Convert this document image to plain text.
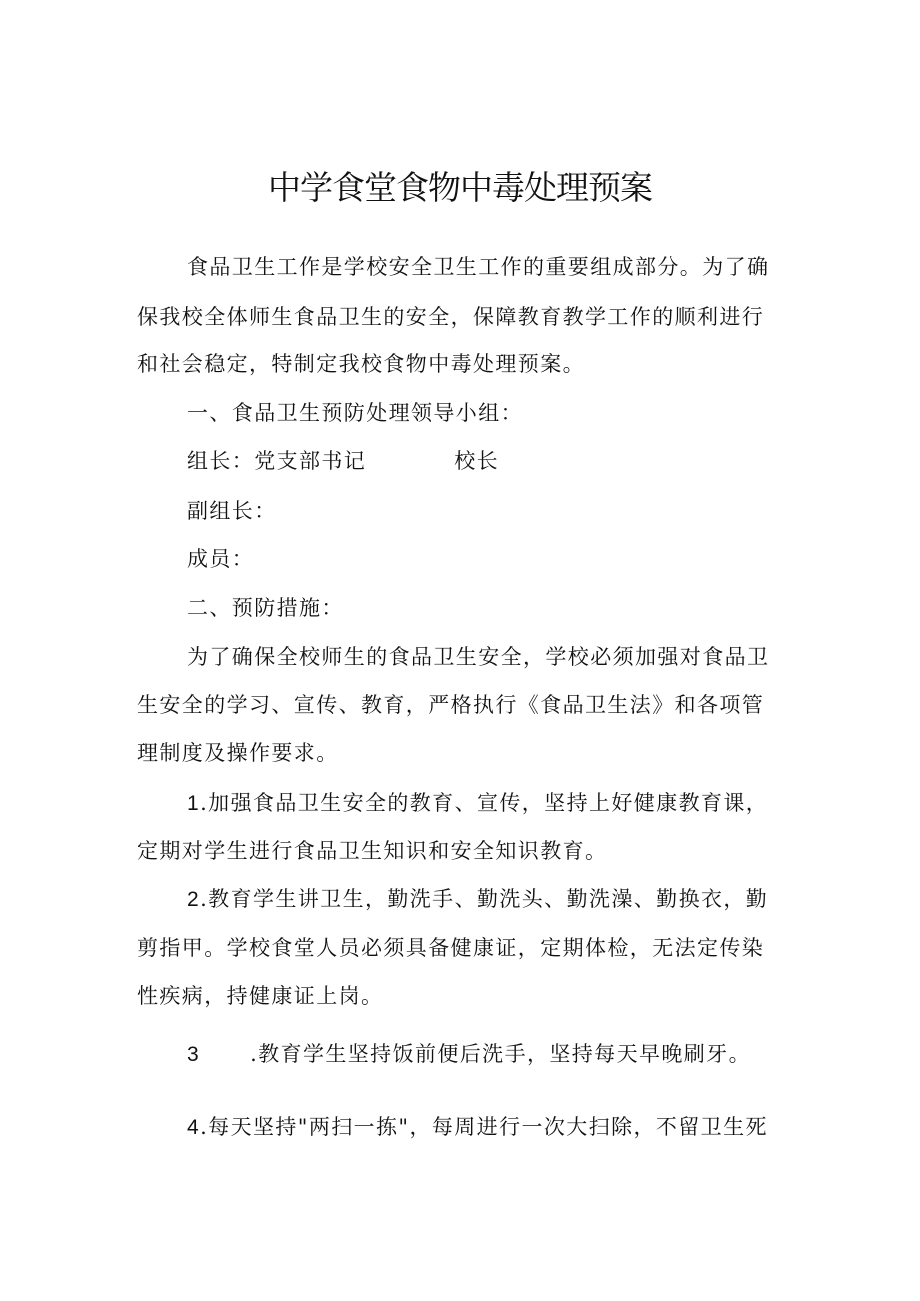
中学食堂食物中毒处理预案
食品卫生工作是学校安全卫生工作的重要组成部分。为了确
保我校全体师生食品卫生的安全，保障教育教学工作的顺利进行
和社会稳定，特制定我校食物中毒处理预案。
一、食品卫生预防处理领导小组：
组长：党支部书记	校长
副组长：
成员：
二、预防措施：
为了确保全校师生的食品卫生安全，学校必须加强对食品卫
生安全的学习、宣传、教育，严格执行《食品卫生法》和各项管
理制度及操作要求。
1.加强食品卫生安全的教育、宣传，坚持上好健康教育课，
定期对学生进行食品卫生知识和安全知识教育。
2.教育学生讲卫生，勤洗手、勤洗头、勤洗澡、勤换衣，勤
剪指甲。学校食堂人员必须具备健康证，定期体检，无法定传染
性疾病，持健康证上岗。
3 .教育学生坚持饭前便后洗手，坚持每天早晚刷牙。
4.每天坚持"两扫一拣"，每周进行一次大扫除，不留卫生死
